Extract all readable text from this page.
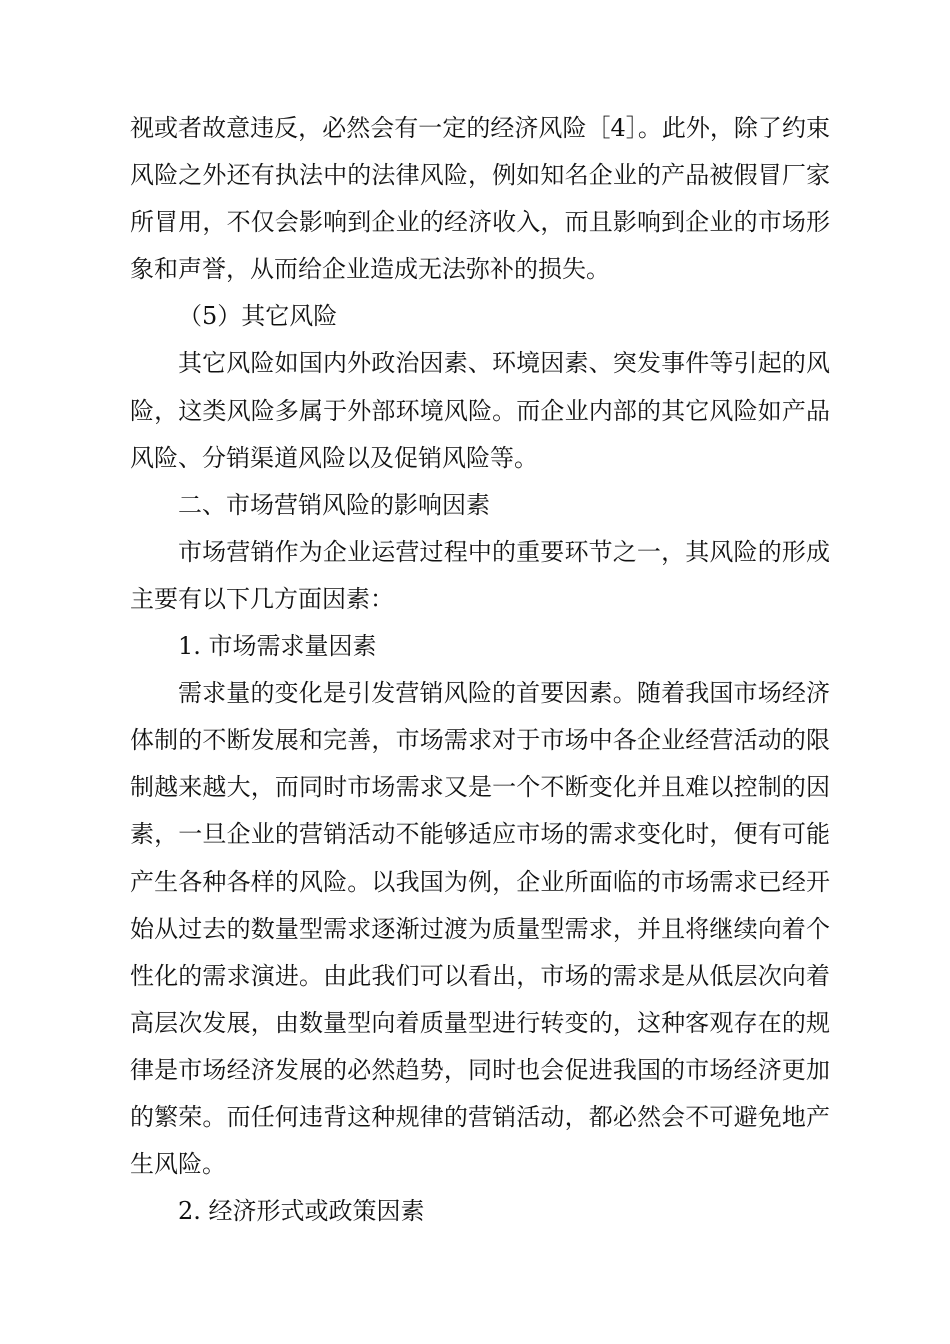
视或者故意违反，必然会有一定的经济风险［4］。此外，除了约束
风险之外还有执法中的法律风险，例如知名企业的产品被假冒厂家
所冒用，不仅会影响到企业的经济收入，而且影响到企业的市场形
象和声誉，从而给企业造成无法弥补的损失。
（5）其它风险
其它风险如国内外政治因素、环境因素、突发事件等引起的风
险，这类风险多属于外部环境风险。而企业内部的其它风险如产品
风险、分销渠道风险以及促销风险等。
二、市场营销风险的影响因素
市场营销作为企业运营过程中的重要环节之一，其风险的形成
主要有以下几方面因素：
1. 市场需求量因素
需求量的变化是引发营销风险的首要因素。随着我国市场经济
体制的不断发展和完善，市场需求对于市场中各企业经营活动的限
制越来越大，而同时市场需求又是一个不断变化并且难以控制的因
素，一旦企业的营销活动不能够适应市场的需求变化时，便有可能
产生各种各样的风险。以我国为例，企业所面临的市场需求已经开
始从过去的数量型需求逐渐过渡为质量型需求，并且将继续向着个
性化的需求演进。由此我们可以看出，市场的需求是从低层次向着
高层次发展，由数量型向着质量型进行转变的，这种客观存在的规
律是市场经济发展的必然趋势，同时也会促进我国的市场经济更加
的繁荣。而任何违背这种规律的营销活动，都必然会不可避免地产
生风险。
2. 经济形式或政策因素
